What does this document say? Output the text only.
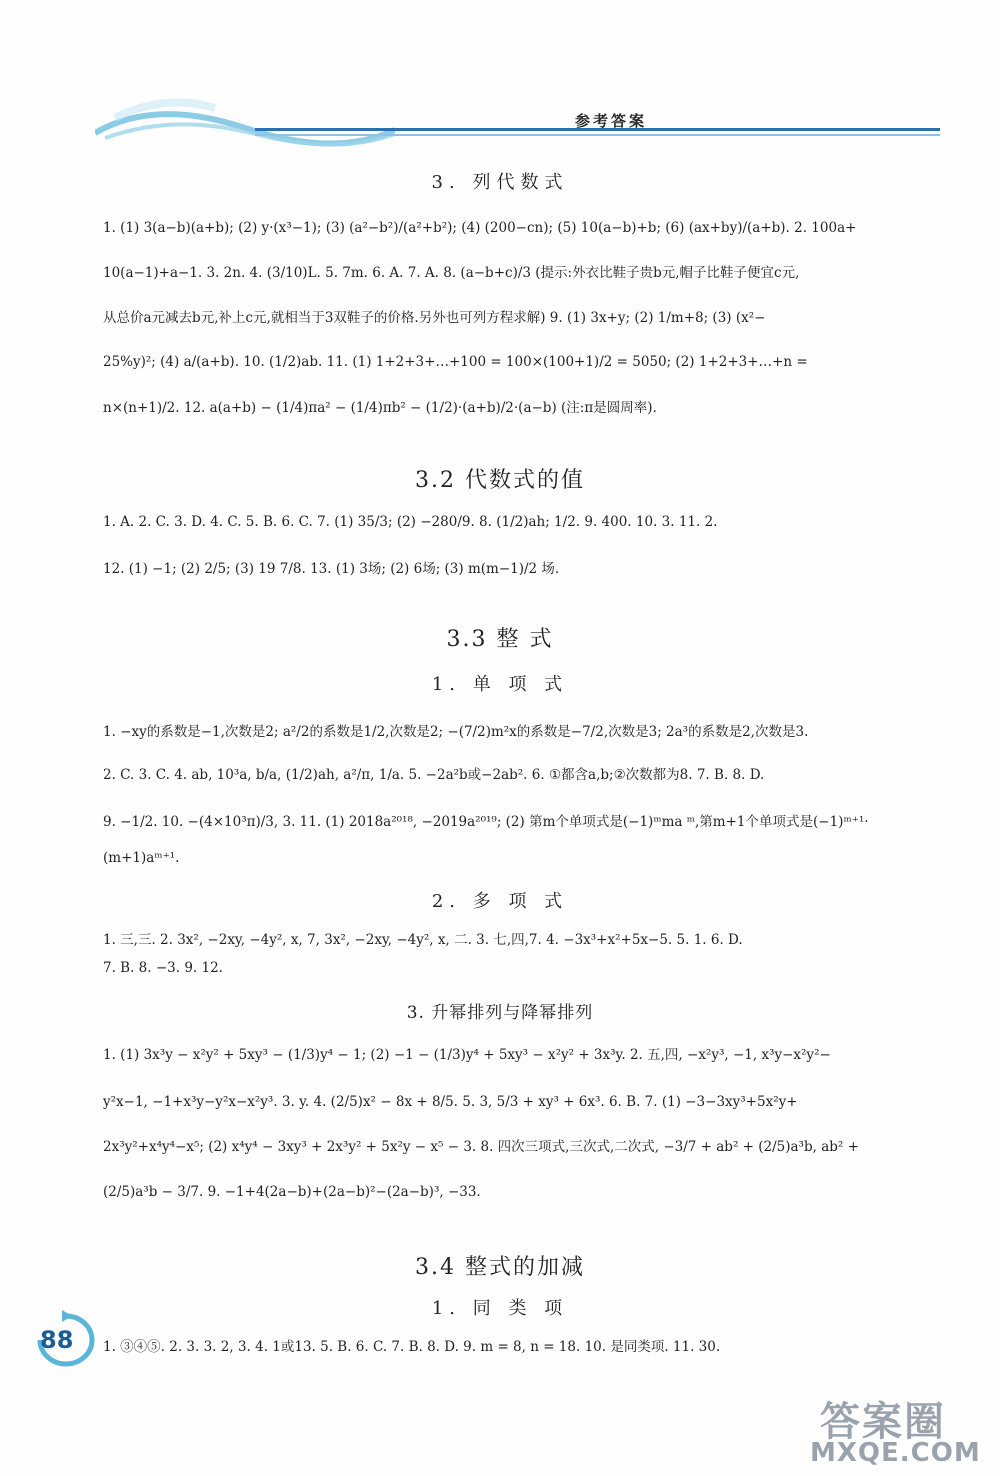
参考答案
3. 列代数式
1. (1) 3(a−b)(a+b); (2) y·(x³−1); (3) (a²−b²)/(a²+b²); (4) (200−cn); (5) 10(a−b)+b; (6) (ax+by)/(a+b). 2. 100a+
10(a−1)+a−1. 3. 2n. 4. (3/10)L. 5. 7m. 6. A. 7. A. 8. (a−b+c)/3 (提示:外衣比鞋子贵b元,帽子比鞋子便宜c元,
从总价a元减去b元,补上c元,就相当于3双鞋子的价格.另外也可列方程求解) 9. (1) 3x+y; (2) 1/m+8; (3) (x²−
25%y)²; (4) a/(a+b). 10. (1/2)ab. 11. (1) 1+2+3+…+100 = 100×(100+1)/2 = 5050; (2) 1+2+3+…+n =
n×(n+1)/2. 12. a(a+b) − (1/4)πa² − (1/4)πb² − (1/2)·(a+b)/2·(a−b) (注:π是圆周率).
3.2 代数式的值
1. A. 2. C. 3. D. 4. C. 5. B. 6. C. 7. (1) 35/3; (2) −280/9. 8. (1/2)ah; 1/2. 9. 400. 10. 3. 11. 2.
12. (1) −1; (2) 2/5; (3) 19 7/8. 13. (1) 3场; (2) 6场; (3) m(m−1)/2 场.
3.3 整 式
1. 单 项 式
1. −xy的系数是−1,次数是2; a²/2的系数是1/2,次数是2; −(7/2)m²x的系数是−7/2,次数是3; 2a³的系数是2,次数是3.
2. C. 3. C. 4. ab, 10³a, b/a, (1/2)ah, a²/π, 1/a. 5. −2a²b或−2ab². 6. ①都含a,b;②次数都为8. 7. B. 8. D.
9. −1/2. 10. −(4×10³π)/3, 3. 11. (1) 2018a²⁰¹⁸, −2019a²⁰¹⁹; (2) 第m个单项式是(−1)ᵐma ᵐ,第m+1个单项式是(−1)ᵐ⁺¹·
(m+1)aᵐ⁺¹.
2. 多 项 式
1. 三,三. 2. 3x², −2xy, −4y², x, 7, 3x², −2xy, −4y², x, 二. 3. 七,四,7. 4. −3x³+x²+5x−5. 5. 1. 6. D.
7. B. 8. −3. 9. 12.
3. 升幂排列与降幂排列
1. (1) 3x³y − x²y² + 5xy³ − (1/3)y⁴ − 1; (2) −1 − (1/3)y⁴ + 5xy³ − x²y² + 3x³y. 2. 五,四, −x²y³, −1, x³y−x²y²−
y²x−1, −1+x³y−y²x−x²y³. 3. y. 4. (2/5)x² − 8x + 8/5. 5. 3, 5/3 + xy³ + 6x³. 6. B. 7. (1) −3−3xy³+5x²y+
2x³y²+x⁴y⁴−x⁵; (2) x⁴y⁴ − 3xy³ + 2x³y² + 5x²y − x⁵ − 3. 8. 四次三项式,三次式,二次式, −3/7 + ab² + (2/5)a³b, ab² +
(2/5)a³b − 3/7. 9. −1+4(2a−b)+(2a−b)²−(2a−b)³, −33.
3.4 整式的加减
1. 同 类 项
88 1. ③④⑤. 2. 3. 3. 2, 3. 4. 1或13. 5. B. 6. C. 7. B. 8. D. 9. m = 8, n = 18. 10. 是同类项. 11. 30.
答案圈
MXQE.COM
